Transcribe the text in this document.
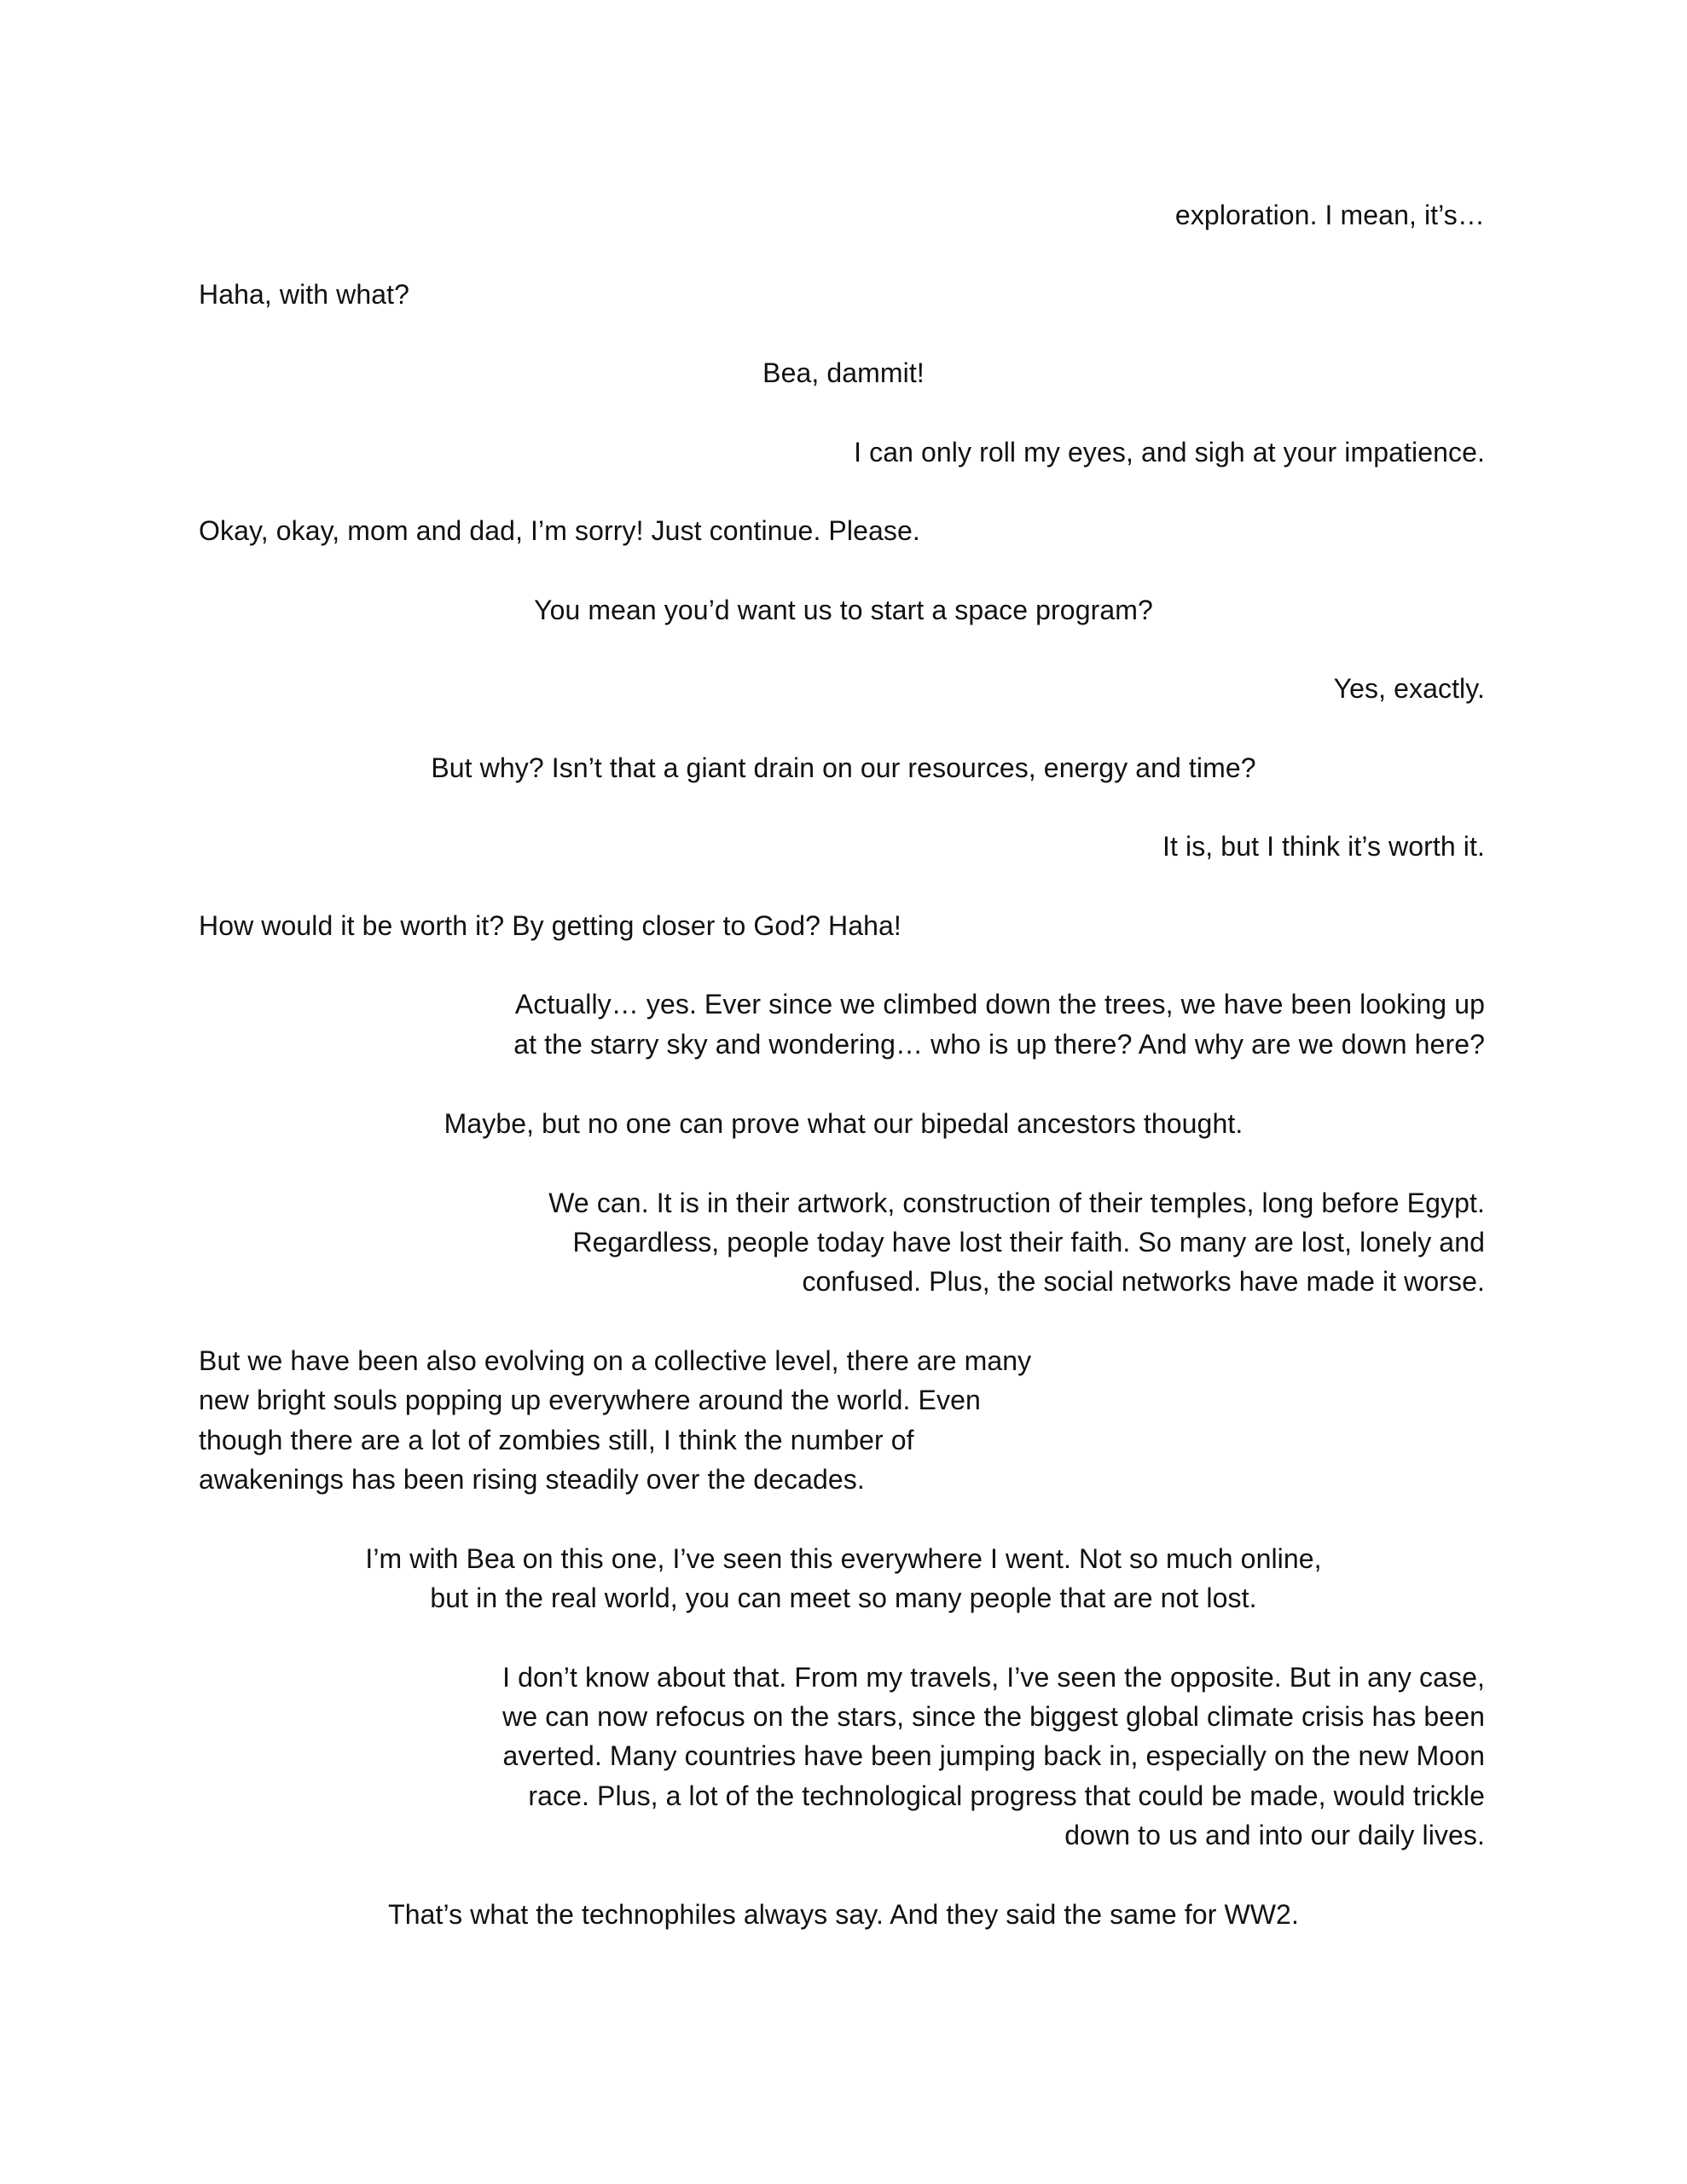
exploration. I mean, it’s…
Haha, with what?
Bea, dammit!
I can only roll my eyes, and sigh at your impatience.
Okay, okay, mom and dad, I’m sorry! Just continue. Please.
You mean you’d want us to start a space program?
Yes, exactly.
But why? Isn’t that a giant drain on our resources, energy and time?
It is, but I think it’s worth it.
How would it be worth it? By getting closer to God? Haha!
Actually… yes. Ever since we climbed down the trees, we have been looking up
at the starry sky and wondering… who is up there? And why are we down here?
Maybe, but no one can prove what our bipedal ancestors thought.
We can. It is in their artwork, construction of their temples, long before Egypt.
Regardless, people today have lost their faith. So many are lost, lonely and
confused. Plus, the social networks have made it worse.
But we have been also evolving on a collective level, there are many
new bright souls popping up everywhere around the world. Even
though there are a lot of zombies still, I think the number of
awakenings has been rising steadily over the decades.
I’m with Bea on this one, I’ve seen this everywhere I went. Not so much online,
but in the real world, you can meet so many people that are not lost.
I don’t know about that. From my travels, I’ve seen the opposite. But in any case,
we can now refocus on the stars, since the biggest global climate crisis has been
averted. Many countries have been jumping back in, especially on the new Moon
race. Plus, a lot of the technological progress that could be made, would trickle
down to us and into our daily lives.
That’s what the technophiles always say. And they said the same for WW2.
